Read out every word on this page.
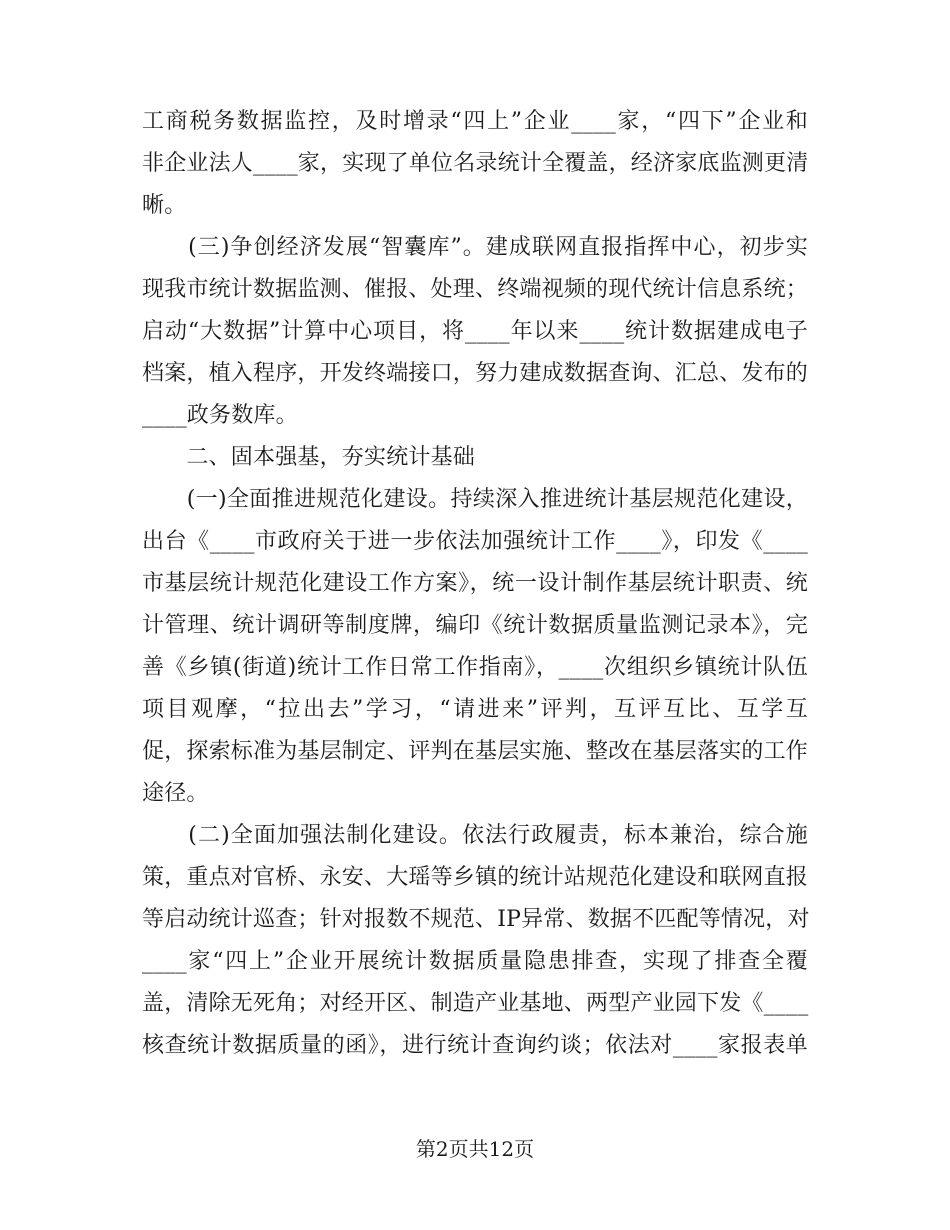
工商税务数据监控，及时增录“四上”企业____家，“四下”企业和
非企业法人____家，实现了单位名录统计全覆盖，经济家底监测更清
晰。
　　(三)争创经济发展“智囊库”。建成联网直报指挥中心，初步实
现我市统计数据监测、催报、处理、终端视频的现代统计信息系统；
启动“大数据”计算中心项目，将____年以来____统计数据建成电子
档案，植入程序，开发终端接口，努力建成数据查询、汇总、发布的
____政务数库。
　　二、固本强基，夯实统计基础
　　(一)全面推进规范化建设。持续深入推进统计基层规范化建设，
出台《____市政府关于进一步依法加强统计工作____》，印发《____
市基层统计规范化建设工作方案》，统一设计制作基层统计职责、统
计管理、统计调研等制度牌，编印《统计数据质量监测记录本》，完
善《乡镇(街道)统计工作日常工作指南》，____次组织乡镇统计队伍
项目观摩，“拉出去”学习，“请进来”评判，互评互比、互学互
促，探索标准为基层制定、评判在基层实施、整改在基层落实的工作
途径。
　　(二)全面加强法制化建设。依法行政履责，标本兼治，综合施
策，重点对官桥、永安、大瑶等乡镇的统计站规范化建设和联网直报
等启动统计巡查；针对报数不规范、IP异常、数据不匹配等情况，对
____家“四上”企业开展统计数据质量隐患排查，实现了排查全覆
盖，清除无死角；对经开区、制造产业基地、两型产业园下发《____
核查统计数据质量的函》，进行统计查询约谈；依法对____家报表单
第2页共12页
